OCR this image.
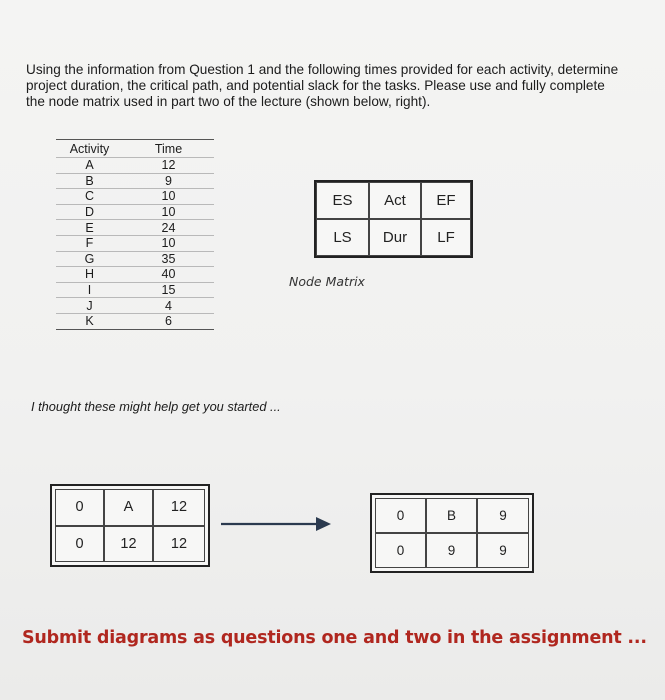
Using the information from Question 1 and the following times provided for each activity, determine project duration, the critical path, and potential slack for the tasks. Please use and fully complete the node matrix used in part two of the lecture (shown below, right).
Activity	Time
A	12
B	9
C	10
D	10
E	24
F	10
G	35
H	40
I	15
J	4
K	6
ES	Act	EF
LS	Dur	LF
Node Matrix
I thought these might help get you started ...
0	A	12
0	12	12
0	B	9
0	9	9
Submit diagrams as questions one and two in the assignment ...
